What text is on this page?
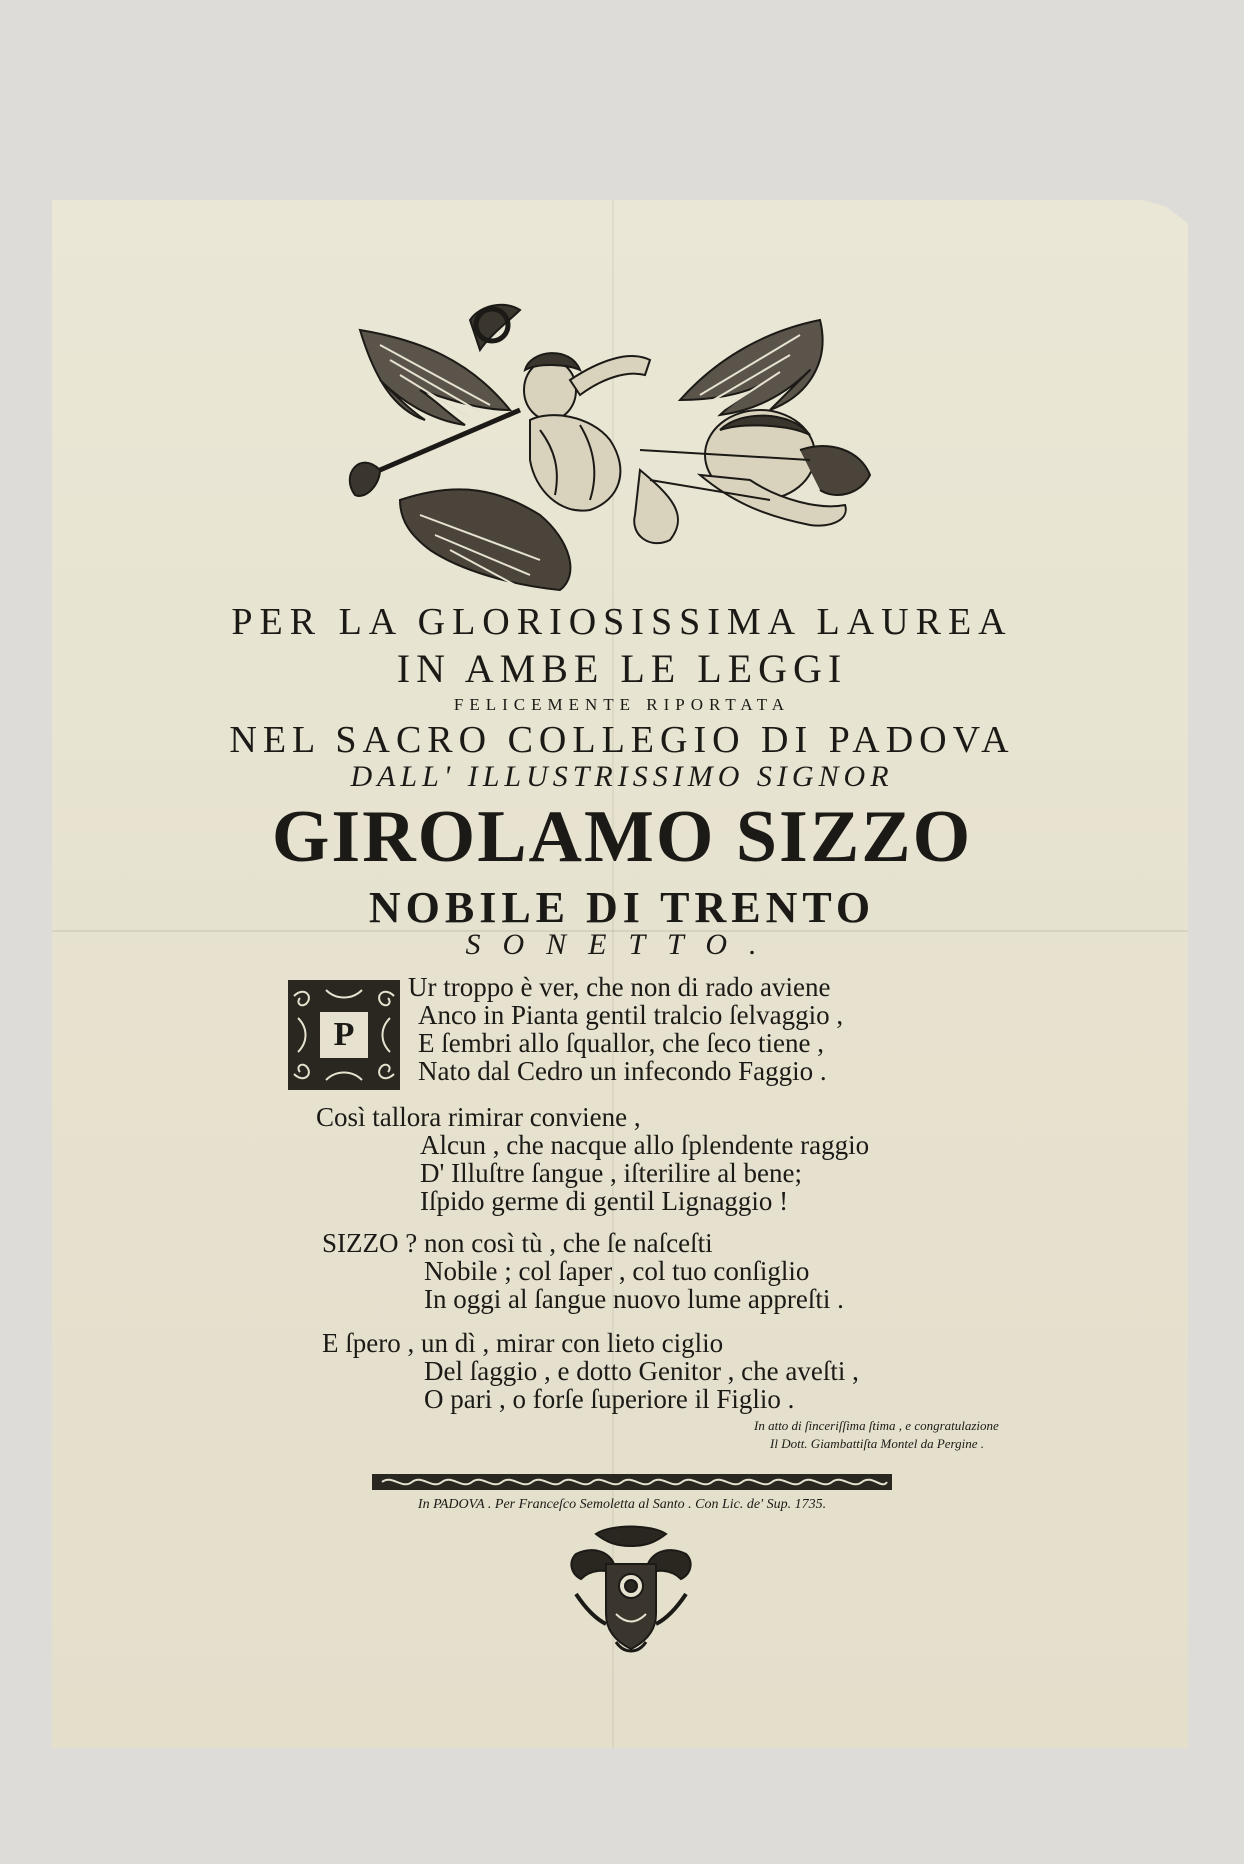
PER LA GLORIOSISSIMA LAUREA
IN AMBE LE LEGGI
FELICEMENTE RIPORTATA
NEL SACRO COLLEGIO DI PADOVA
DALL' ILLUSTRISSIMO SIGNOR
GIROLAMO SIZZO
NOBILE DI TRENTO
SONETTO.
P
Ur troppo è ver, che non di rado aviene
Anco in Pianta gentil tralcio ſelvaggio ,
E ſembri allo ſquallor, che ſeco tiene ,
Nato dal Cedro un infecondo Faggio .
Così tallora rimirar conviene ,
Alcun , che nacque allo ſplendente raggio
D' Illuſtre ſangue , iſterilire al bene;
Iſpido germe di gentil Lignaggio !
SIZZO ? non così tù , che ſe naſceſti
Nobile ; col ſaper , col tuo conſiglio
In oggi al ſangue nuovo lume appreſti .
E ſpero , un dì , mirar con lieto ciglio
Del ſaggio , e dotto Genitor , che aveſti ,
O pari , o forſe ſuperiore il Figlio .
In atto di ſinceriſſima ſtima , e congratulazione
Il Dott. Giambattiſta Montel da Pergine .
In PADOVA . Per Franceſco Semoletta al Santo . Con Lic. de' Sup. 1735.
